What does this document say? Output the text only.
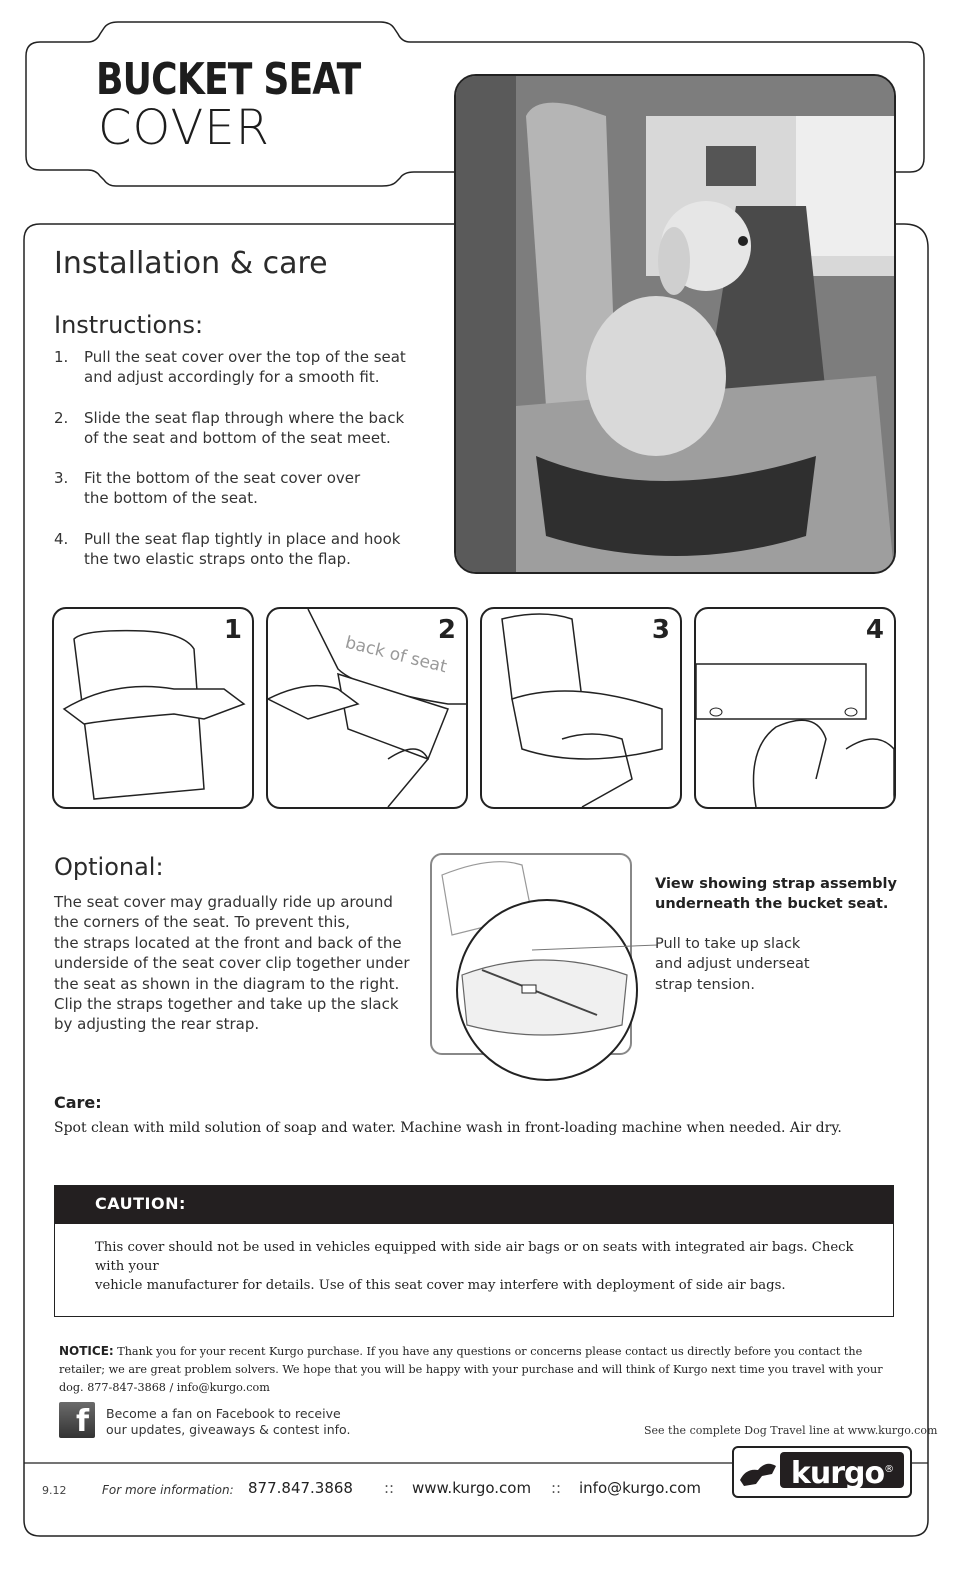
BUCKET SEAT
COVER
Installation & care
Instructions:
1. Pull the seat cover over the top of the seat
and adjust accordingly for a smooth fit.
2. Slide the seat flap through where the back
of the seat and bottom of the seat meet.
3. Fit the bottom of the seat cover over
the bottom of the seat.
4. Pull the seat flap tightly in place and hook
the two elastic straps onto the flap.
1
back of seat
2	3	4
Optional:
The seat cover may gradually ride up around
the corners of the seat. To prevent this,
the straps located at the front and back of the
underside of the seat cover clip together under
the seat as shown in the diagram to the right.
Clip the straps together and take up the slack
by adjusting the rear strap.
View showing strap assembly
underneath the bucket seat.
Pull to take up slack
and adjust underseat
strap tension.
Care:
Spot clean with mild solution of soap and water. Machine wash in front-loading machine when needed. Air dry.
CAUTION:
This cover should not be used in vehicles equipped with side air bags or on seats with integrated air bags. Check with your
vehicle manufacturer for details. Use of this seat cover may interfere with deployment of side air bags.
NOTICE: Thank you for your recent Kurgo purchase. If you have any questions or concerns please contact us directly before you contact the retailer; we are great problem solvers. We hope that you will be happy with your purchase and will think of Kurgo next time you travel with your dog. 877-847-3868 / info@kurgo.com
f	Become a fan on Facebook to receive
our updates, giveaways & contest info.	See the complete Dog Travel line at www.kurgo.com
9.12	For more information: 877.847.3868 :: www.kurgo.com :: info@kurgo.com	kurgo®
